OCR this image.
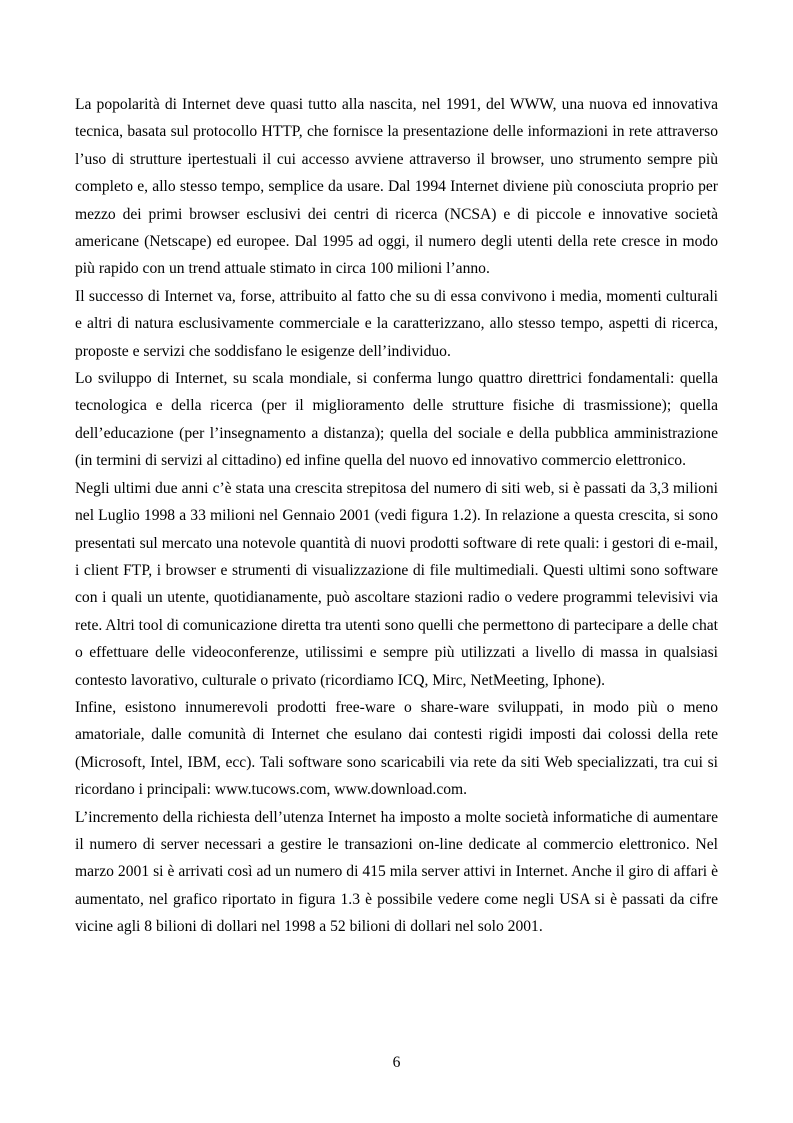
La popolarità di Internet deve quasi tutto alla nascita, nel 1991, del WWW, una nuova ed innovativa tecnica, basata sul protocollo HTTP, che fornisce la presentazione delle informazioni in rete attraverso l’uso di strutture ipertestuali il cui accesso avviene attraverso il browser, uno strumento sempre più completo e, allo stesso tempo, semplice da usare. Dal 1994 Internet diviene più conosciuta proprio per mezzo dei primi browser esclusivi dei centri di ricerca (NCSA) e di piccole e innovative società americane (Netscape) ed europee. Dal 1995 ad oggi, il numero degli utenti della rete cresce in modo più rapido con un trend attuale stimato in circa 100 milioni l’anno.

Il successo di Internet va, forse, attribuito al fatto che su di essa convivono i media, momenti culturali e altri di natura esclusivamente commerciale e la caratterizzano, allo stesso tempo, aspetti di ricerca, proposte e servizi che soddisfano le esigenze dell’individuo.

Lo sviluppo di Internet, su scala mondiale, si conferma lungo quattro direttrici fondamentali: quella tecnologica e della ricerca (per il miglioramento delle strutture fisiche di trasmissione); quella dell’educazione (per l’insegnamento a distanza); quella del sociale e della pubblica amministrazione (in termini di servizi al cittadino) ed infine quella del nuovo ed innovativo commercio elettronico.

Negli ultimi due anni c’è stata una crescita strepitosa del numero di siti web, si è passati da 3,3 milioni nel Luglio 1998 a 33 milioni nel Gennaio 2001 (vedi figura 1.2). In relazione a questa crescita, si sono presentati sul mercato una notevole quantità di nuovi prodotti software di rete quali: i gestori di e-mail, i client FTP, i browser e strumenti di visualizzazione di file multimediali. Questi ultimi sono software con i quali un utente, quotidianamente, può ascoltare stazioni radio o vedere programmi televisivi via rete. Altri tool di comunicazione diretta tra utenti sono quelli che permettono di partecipare a delle chat o effettuare delle videoconferenze, utilissimi e sempre più utilizzati a livello di massa in qualsiasi contesto lavorativo, culturale o privato (ricordiamo ICQ, Mirc, NetMeeting, Iphone).

Infine, esistono innumerevoli prodotti free-ware o share-ware sviluppati, in modo più o meno amatoriale, dalle comunità di Internet che esulano dai contesti rigidi imposti dai colossi della rete (Microsoft, Intel, IBM, ecc). Tali software sono scaricabili via rete da siti Web specializzati, tra cui si ricordano i principali: www.tucows.com, www.download.com.

L’incremento della richiesta dell’utenza Internet ha imposto a molte società informatiche di aumentare il numero di server necessari a gestire le transazioni on-line dedicate al commercio elettronico. Nel marzo 2001 si è arrivati così ad un numero di 415 mila server attivi in Internet. Anche il giro di affari è aumentato, nel grafico riportato in figura 1.3 è possibile vedere come negli USA si è passati da cifre vicine agli 8 bilioni di dollari nel 1998 a 52 bilioni di dollari nel solo 2001.

6
